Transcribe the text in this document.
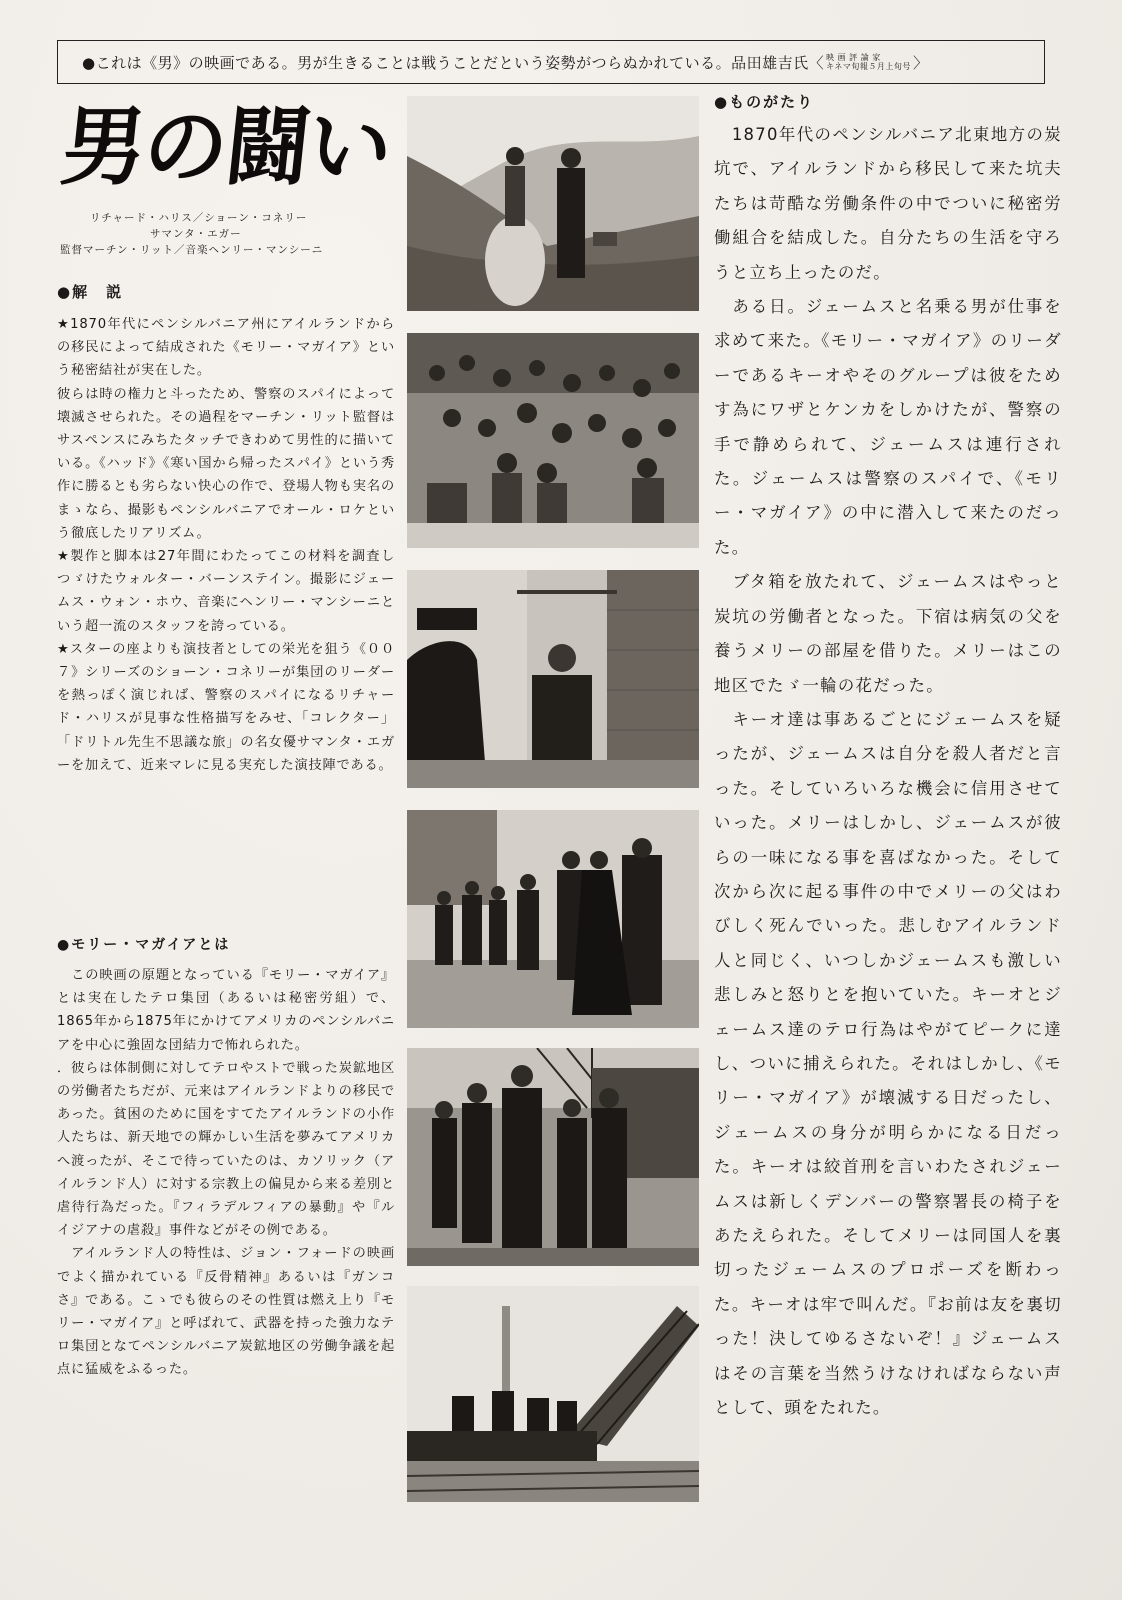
●これは《男》の映画である。男が生きることは戦うことだという姿勢がつらぬかれている。品田雄吉氏〈 映 画 評 論 家
キネマ旬報５月上旬号 〉
男の闘い
リチャード・ハリス／ショーン・コネリー
サマンタ・エガー
監督マーチン・リット／音楽ヘンリー・マンシーニ
●解　説

★1870年代にペンシルバニア州にアイルランドからの移民によって結成された《モリー・マガイア》という秘密結社が実在した。

彼らは時の権力と斗ったため、警察のスパイによって壊滅させられた。その過程をマーチン・リット監督はサスペンスにみちたタッチできわめて男性的に描いている。《ハッド》《寒い国から帰ったスパイ》という秀作に勝るとも劣らない快心の作で、登場人物も実名のまゝなら、撮影もペンシルバニアでオール・ロケという徹底したリアリズム。

★製作と脚本は27年間にわたってこの材料を調査しつゞけたウォルター・バーンステイン。撮影にジェームス・ウォン・ホウ、音楽にヘンリー・マンシーニという超一流のスタッフを誇っている。

★スターの座よりも演技者としての栄光を狙う《００７》シリーズのショーン・コネリーが集団のリーダーを熱っぽく演じれば、警察のスパイになるリチャード・ハリスが見事な性格描写をみせ、「コレクター」「ドリトル先生不思議な旅」の名女優サマンタ・エガーを加えて、近来マレに見る実充した演技陣である。

●モリー・マガイアとは

　この映画の原題となっている『モリー・マガイア』とは実在したテロ集団（あるいは秘密労組）で、1865年から1875年にかけてアメリカのペンシルバニアを中心に強固な団結力で怖れられた。

．彼らは体制側に対してテロやストで戦った炭鉱地区の労働者たちだが、元来はアイルランドよりの移民であった。貧困のために国をすてたアイルランドの小作人たちは、新天地での輝かしい生活を夢みてアメリカへ渡ったが、そこで待っていたのは、カソリック（アイルランド人）に対する宗教上の偏見から来る差別と虐待行為だった。『フィラデルフィアの暴動』や『ルイジアナの虐殺』事件などがその例である。

　アイルランド人の特性は、ジョン・フォードの映画でよく描かれている『反骨精神』あるいは『ガンコさ』である。こゝでも彼らのその性質は燃え上り『モリー・マガイア』と呼ばれて、武器を持った強力なテロ集団となてペンシルバニア炭鉱地区の労働争議を起点に猛威をふるった。

●ものがたり

　1870年代のペンシルバニア北東地方の炭坑で、アイルランドから移民して来た坑夫たちは苛酷な労働条件の中でついに秘密労働組合を結成した。自分たちの生活を守ろうと立ち上ったのだ。

　ある日。ジェームスと名乗る男が仕事を求めて来た。《モリー・マガイア》のリーダーであるキーオやそのグループは彼をためす為にワザとケンカをしかけたが、警察の手で静められて、ジェームスは連行された。ジェームスは警察のスパイで、《モリー・マガイア》の中に潜入して来たのだった。

　ブタ箱を放たれて、ジェームスはやっと炭坑の労働者となった。下宿は病気の父を養うメリーの部屋を借りた。メリーはこの地区でたゞ一輪の花だった。

　キーオ達は事あるごとにジェームスを疑ったが、ジェームスは自分を殺人者だと言った。そしていろいろな機会に信用させていった。メリーはしかし、ジェームスが彼らの一味になる事を喜ばなかった。そして次から次に起る事件の中でメリーの父はわびしく死んでいった。悲しむアイルランド人と同じく、いつしかジェームスも激しい悲しみと怒りとを抱いていた。キーオとジェームス達のテロ行為はやがてピークに達し、ついに捕えられた。それはしかし、《モリー・マガイア》が壊滅する日だったし、ジェームスの身分が明らかになる日だった。キーオは絞首刑を言いわたされジェームスは新しくデンバーの警察署長の椅子をあたえられた。そしてメリーは同国人を裏切ったジェームスのプロポーズを断わった。キーオは牢で叫んだ。『お前は友を裏切った！決してゆるさないぞ！』ジェームスはその言葉を当然うけなければならない声として、頭をたれた。
